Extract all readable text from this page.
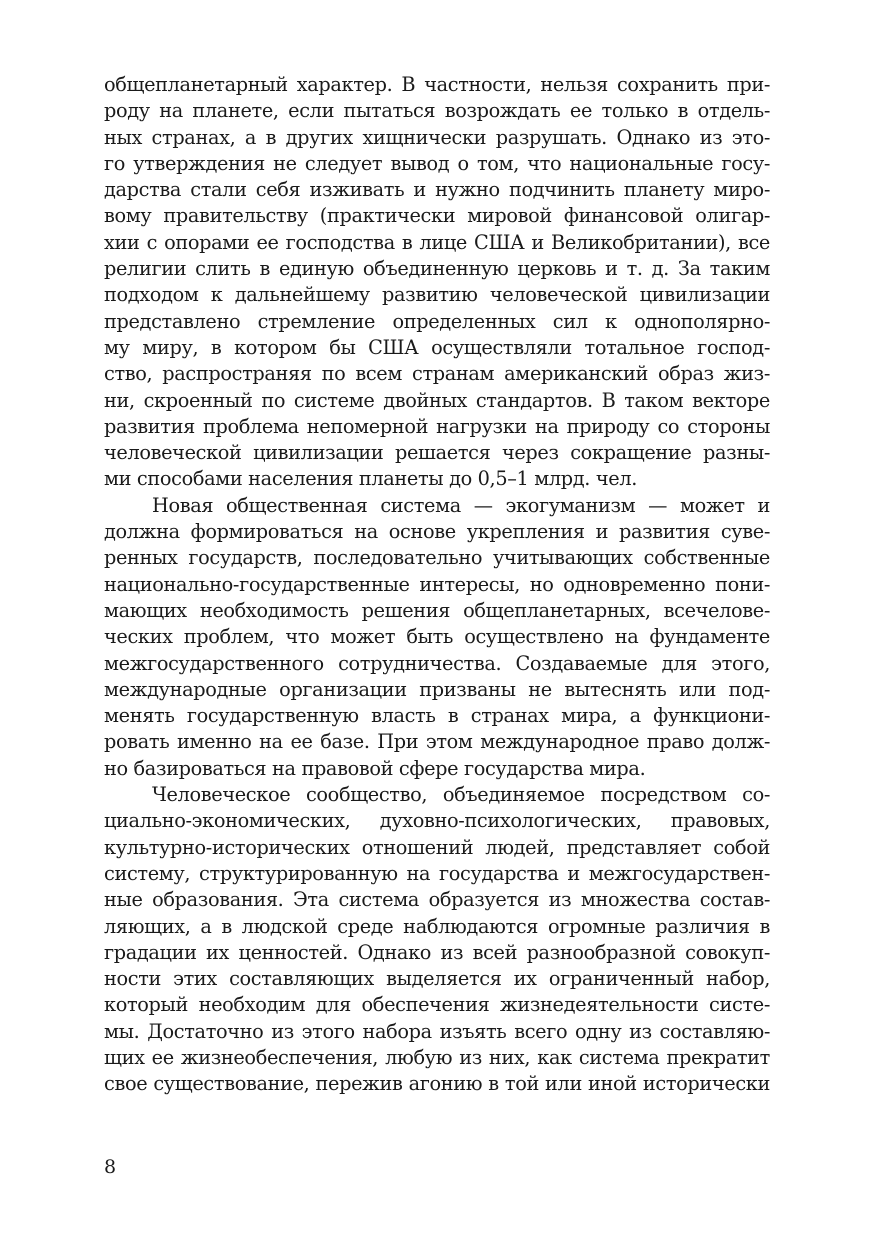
общепланетарный характер. В частности, нельзя сохранить при-
роду на планете, если пытаться возрождать ее только в отдель-
ных странах, а в других хищнически разрушать. Однако из это-
го утверждения не следует вывод о том, что национальные госу-
дарства стали себя изживать и нужно подчинить планету миро-
вому правительству (практически мировой финансовой олигар-
хии с опорами ее господства в лице США и Великобритании), все
религии слить в единую объединенную церковь и т. д. За таким
подходом к дальнейшему развитию человеческой цивилизации
представлено стремление определенных сил к однополярно-
му миру, в котором бы США осуществляли тотальное господ-
ство, распространяя по всем странам американский образ жиз-
ни, скроенный по системе двойных стандартов. В таком векторе
развития проблема непомерной нагрузки на природу со стороны
человеческой цивилизации решается через сокращение разны-
ми способами населения планеты до 0,5–1 млрд. чел.
Новая общественная система — экогуманизм — может и
должна формироваться на основе укрепления и развития суве-
ренных государств, последовательно учитывающих собственные
национально-государственные интересы, но одновременно пони-
мающих необходимость решения общепланетарных, всечелове-
ческих проблем, что может быть осуществлено на фундаменте
межгосударственного сотрудничества. Создаваемые для этого,
международные организации призваны не вытеснять или под-
менять государственную власть в странах мира, а функциони-
ровать именно на ее базе. При этом международное право долж-
но базироваться на правовой сфере государства мира.
Человеческое сообщество, объединяемое посредством со-
циально-экономических, духовно-психологических, правовых,
культурно-исторических отношений людей, представляет собой
систему, структурированную на государства и межгосударствен-
ные образования. Эта система образуется из множества состав-
ляющих, а в людской среде наблюдаются огромные различия в
градации их ценностей. Однако из всей разнообразной совокуп-
ности этих составляющих выделяется их ограниченный набор,
который необходим для обеспечения жизнедеятельности систе-
мы. Достаточно из этого набора изъять всего одну из составляю-
щих ее жизнеобеспечения, любую из них, как система прекратит
свое существование, пережив агонию в той или иной исторически
8
